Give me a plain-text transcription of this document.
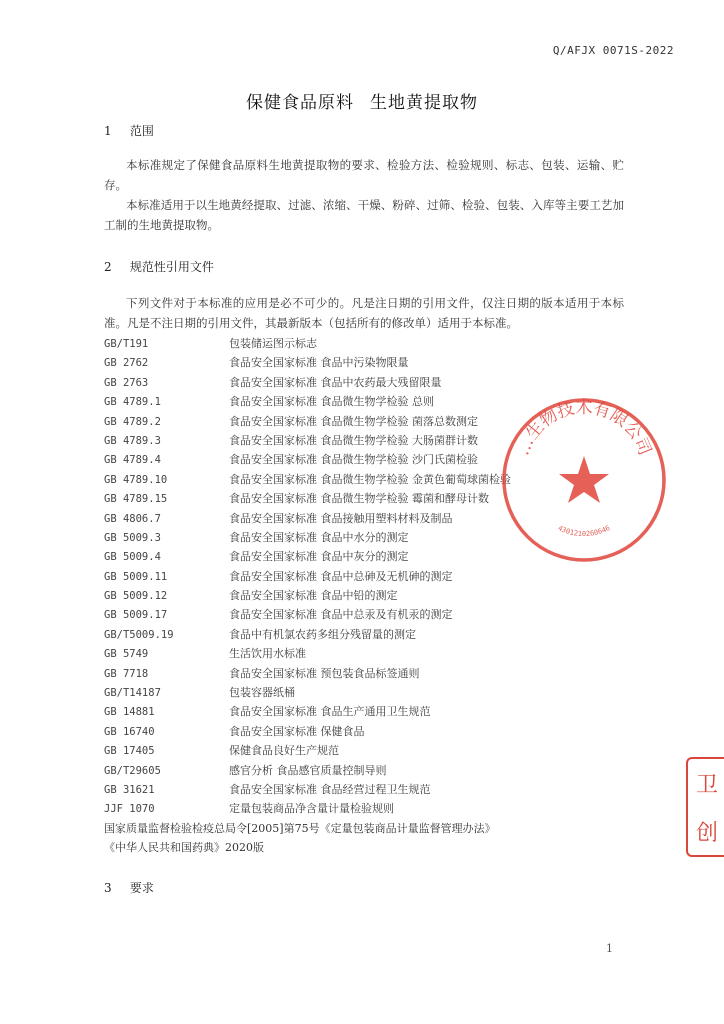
Q/AFJX 0071S-2022
保健食品原料 生地黄提取物
1 范围
本标准规定了保健食品原料生地黄提取物的要求、检验方法、检验规则、标志、包装、运输、贮存。
本标准适用于以生地黄经提取、过滤、浓缩、干燥、粉碎、过筛、检验、包装、入库等主要工艺加工制的生地黄提取物。
2 规范性引用文件
下列文件对于本标准的应用是必不可少的。凡是注日期的引用文件，仅注日期的版本适用于本标准。凡是不注日期的引用文件，其最新版本（包括所有的修改单）适用于本标准。
GB/T191	包装储运图示标志
GB 2762	食品安全国家标准 食品中污染物限量
GB 2763	食品安全国家标准 食品中农药最大残留限量
GB 4789.1	食品安全国家标准 食品微生物学检验 总则
GB 4789.2	食品安全国家标准 食品微生物学检验 菌落总数测定
GB 4789.3	食品安全国家标准 食品微生物学检验 大肠菌群计数
GB 4789.4	食品安全国家标准 食品微生物学检验 沙门氏菌检验
GB 4789.10	食品安全国家标准 食品微生物学检验 金黄色葡萄球菌检验
GB 4789.15	食品安全国家标准 食品微生物学检验 霉菌和酵母计数
GB 4806.7	食品安全国家标准 食品接触用塑料材料及制品
GB 5009.3	食品安全国家标准 食品中水分的测定
GB 5009.4	食品安全国家标准 食品中灰分的测定
GB 5009.11	食品安全国家标准 食品中总砷及无机砷的测定
GB 5009.12	食品安全国家标准 食品中铅的测定
GB 5009.17	食品安全国家标准 食品中总汞及有机汞的测定
GB/T5009.19	食品中有机氯农药多组分残留量的测定
GB 5749	生活饮用水标准
GB 7718	食品安全国家标准 预包装食品标签通则
GB/T14187	包装容器纸桶
GB 14881	食品安全国家标准 食品生产通用卫生规范
GB 16740	食品安全国家标准 保健食品
GB 17405	保健食品良好生产规范
GB/T29605	感官分析 食品感官质量控制导则
GB 31621	食品安全国家标准 食品经营过程卫生规范
JJF 1070	定量包装商品净含量计量检验规则
国家质量监督检验检疫总局令[2005]第75号《定量包装商品计量监督管理办法》
《中华人民共和国药典》2020版
3 要求
1
…生物技术有限公司
4301210260646
卫
创
